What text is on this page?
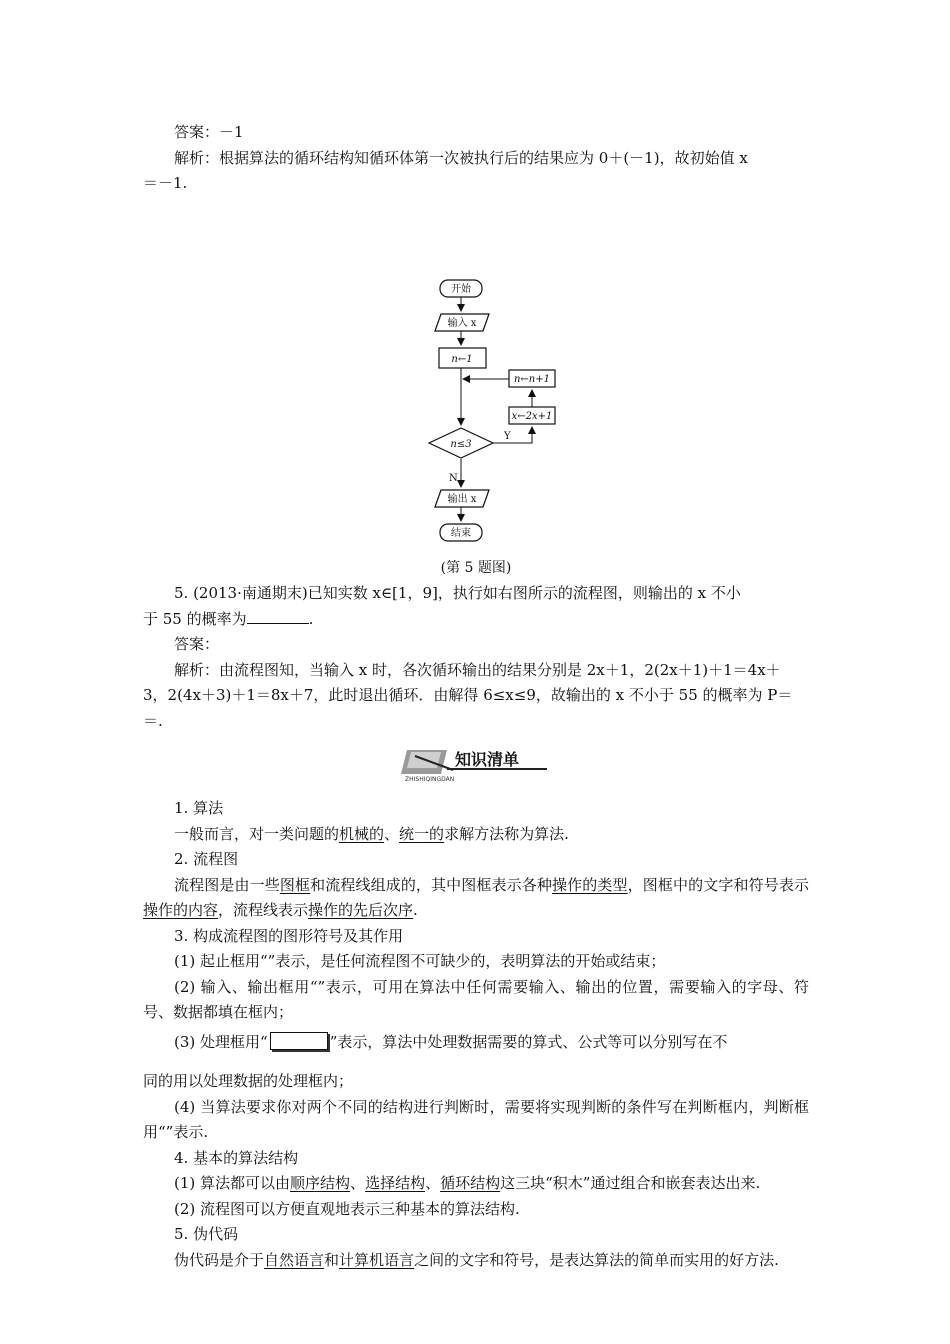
答案：－1

解析：根据算法的循环结构知循环体第一次被执行后的结果应为 0＋(－1)，故初始值 x

＝－1.

开始
输入 x
n←1
n←n+1
x←2x+1
n≤3
Y
N
输出 x
结束

(第 5 题图)

5. (2013·南通期末)已知实数 x∈[1，9]，执行如右图所示的流程图，则输出的 x 不小

于 55 的概率为	.

答案：

解析：由流程图知，当输入 x 时，各次循环输出的结果分别是 2x＋1，2(2x＋1)＋1＝4x＋

3，2(4x＋3)＋1＝8x＋7，此时退出循环．由解得 6≤x≤9，故输出的 x 不小于 55 的概率为 P＝

＝.

知识清单
ZHISHIQINGDAN

1. 算法

一般而言，对一类问题的机械的、统一的求解方法称为算法.

2. 流程图

流程图是由一些图框和流程线组成的，其中图框表示各种操作的类型，图框中的文字和符号表示操作的内容，流程线表示操作的先后次序.

3. 构成流程图的图形符号及其作用

(1) 起止框用“”表示，是任何流程图不可缺少的，表明算法的开始或结束；

(2) 输入、输出框用“”表示，可用在算法中任何需要输入、输出的位置，需要输入的字母、符号、数据都填在框内；

(3) 处理框用“	”表示，算法中处理数据需要的算式、公式等可以分别写在不

同的用以处理数据的处理框内；

(4) 当算法要求你对两个不同的结构进行判断时，需要将实现判断的条件写在判断框内，判断框用“”表示.

4. 基本的算法结构

(1) 算法都可以由顺序结构、选择结构、循环结构这三块“积木”通过组合和嵌套表达出来.

(2) 流程图可以方便直观地表示三种基本的算法结构.

5. 伪代码

伪代码是介于自然语言和计算机语言之间的文字和符号，是表达算法的简单而实用的好方法.
